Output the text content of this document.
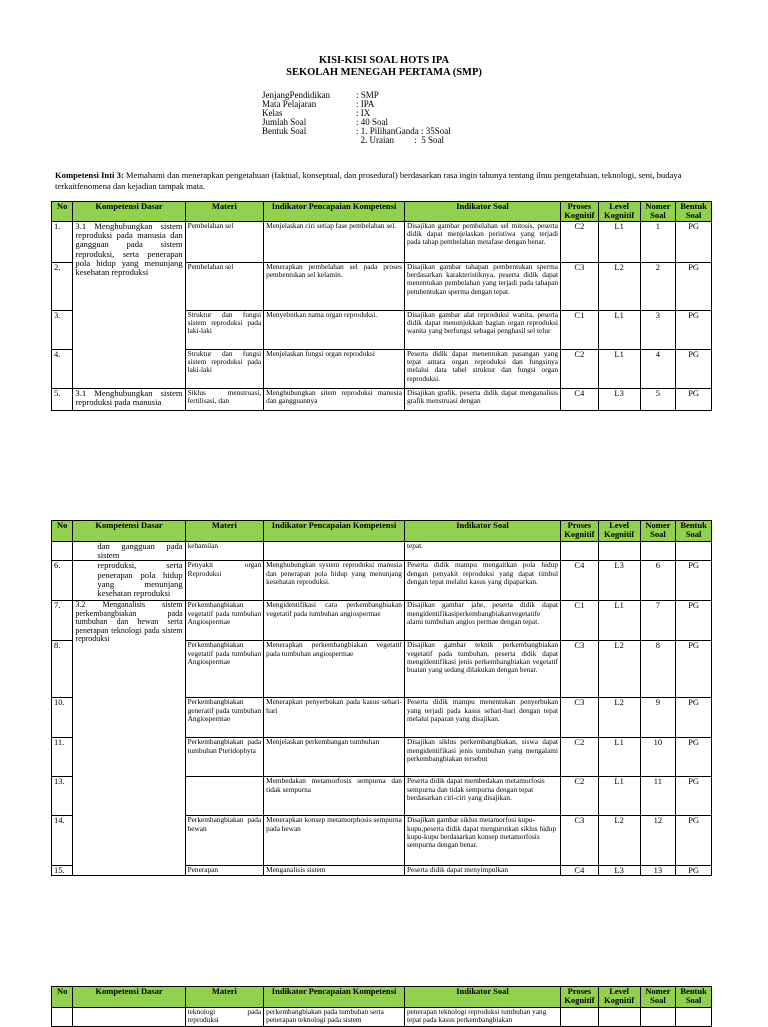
KISI-KISI SOAL HOTS IPA
SEKOLAH MENEGAH PERTAMA (SMP)
JenjangPendidikan	: SMP
Mata Pelajaran	: IPA
Kelas	: IX
Jumlah Soal	: 40 Soal
Bentuk Soal	: 1. PilihanGanda : 35Soal
2. Uraian         :  5 Soal
Kompetensi Inti 3: Memahami dan menerapkan pengetahuan (faktual, konseptual, dan prosedural) berdasarkan rasa ingin tahunya tentang ilmu pengetahuan, teknologi, seni, budaya terkaitfenomena dan kejadian tampak mata.
No	Kompetensi Dasar	Materi	Indikator Pencapaian Kompetensi	Indikator Soal	Proses Kognitif	Level Kognitif	Nomer Soal	Bentuk Soal
1.	3.1 Menghubungkan sistem reproduksi pada manusia dan gangguan pada sistem reproduksi, serta penerapan pola hidup yang menunjang kesehatan reproduksi	Pembelahan sel	Menjelaskan ciri setiap fase pembelahan sel.	Disajikan gambar pembelahan sel mitosis, peserta didik dapat menjelaskan peristiwa yang terjadi pada tahap pembelahan metafase dengan benar.	C2	L1	1	PG
2.		Pembelahan sel	Menerapkan pembelahan sel pada proses pembentukan sel kelamin.	Disajikan gambar tahapan pembentukan sperma berdasarkan karakteristiknya, peserta didik dapat menentukan pembelahan yang terjadi pada tahapan pembentukan sperma dengan tepat.	C3	L2	2	PG
3.		Struktur dan fungsi sistem reproduksi pada laki-laki	Menyebutkan nama organ reproduksi.	Disajikan gambar alat reproduksi wanita, peserta didik dapat menunjukkan bagian organ reproduksi wanita yang berfungsi sebagai penghasil sel telur	C1	L1	3	PG
4.		Struktur dan fungsi sistem reproduksi pada laki-laki	Menjelaskan fungsi organ reproduksi	Peserta didik dapat menentukan pasangan yang tepat antara organ reproduksi dan fungsinya melalui data tabel struktur dan fungsi organ reproduksi.	C2	L1	4	PG
5.	3.1 Menghubungkan sistem reproduksi pada manusia	Siklus menstruasi, fertilisasi, dan	Menghubungkan sitem reproduksi manusia dan gangguannya	Disajikan grafik, peserta didik dapat menganalisis grafik menstruasi dengan	C4	L3	5	PG
No	Kompetensi Dasar	Materi	Indikator Pencapaian Kompetensi	Indikator Soal	Proses Kognitif	Level Kognitif	Nomer Soal	Bentuk Soal
	dan gangguan pada sistem	kehamilan		tepat.				
6.	reproduksi, serta penerapan pola hidup yang menunjang kesehatan reproduksi	Penyakit organ Reproduksi	Menghubungkan system reproduksi manusia dan penerapan pola hidup yang menunjang kesehatan reproduksi.	Peserta didik mampu mengaitkan pola hidup dengan penyakit reproduksi yang dapat timbul dengan tepat melalui kasus yang dipaparkan.	C4	L3	6	PG
7.	3.2 Menganalisis sistem perkembangbiakan pada tumbuhan dan hewan serta penerapan teknologi pada sistem reproduksi	Perkembangbiakan vegetatif pada tumbuhan Angiospermae	Mengidentifikasi cara perkembangbiakan vegetatif pada tumbuhan angiospermae	Disajikan gambar jahe, peserta didik dapat mengidentifikasiperkembangbiakanvegetatife alami tumbuhan angios permae dengan tepat.	C1	L1	7	PG
8.		Perkembangbiakan vegetatif pada tumbuhan Angiospermae	Menerapkan perkembangbiakan vegetatif pada tumbuhan angiospermae	Disajikan gambar teknik perkembangbiakan vegetatif pada tumbuhan, peserta didik dapat mengidentifikasi jenis perkembangbiakan vegetatif buatan yang sedang dilakukan dengan benar.	C3	L2	8	PG
10.		Perkembangbiakan generatif pada tumbuhan Angiospermae	Menerapkan penyerbukan pada kasus sehari-hari	Peserta didik mampu menentukan penyerbukan yang terjadi pada kasus sehari-hari dengan tepat melalui paparan yang disajikan.	C3	L2	9	PG
11.		Perkembangbiakan pada tumbuhan Pteridophyta	Menjelaskan perkembangan tumbuhan	Disajikan siklus perkembangbiakan, siswa dapat mengidentifikasi jenis tumbuhan yang mengalami perkembangbiakan tersebut	C2	L1	10	PG
13.			Membedakan metamorfosis sempurna dan tidak sempurna	Peserta didik dapat membedakan metamorfosis sempurna dan tidak sempurna dengan tepat berdasarkan ciri-ciri yang disajikan.	C2	L1	11	PG
14.		Perkembangbiakan pada hewan	Menerapkan konsep metamorphosis sempurna pada hewan	Disajikan gambar siklus metamorfosi kupu-kupu,peserta didik dapat mengurutkan siklus hidup kupu-kupu berdasarkan konsep metamorfosis sempurna dengan benar.	C3	L2	12	PG
15.		Penerapan	Menganalisis sistem	Peserta didik dapat menyimpulkan	C4	L3	13	PG
No	Kompetensi Dasar	Materi	Indikator Pencapaian Kompetensi	Indikator Soal	Proses Kognitif	Level Kognitif	Nomer Soal	Bentuk Soal
		teknologi pada reproduksi	perkembangbiakan pada tumbuhan serta penerapan teknologi pada sistem	penerapan teknologi reproduksi tumbuhan yang tepat pada kasus perkembangbiakan				
